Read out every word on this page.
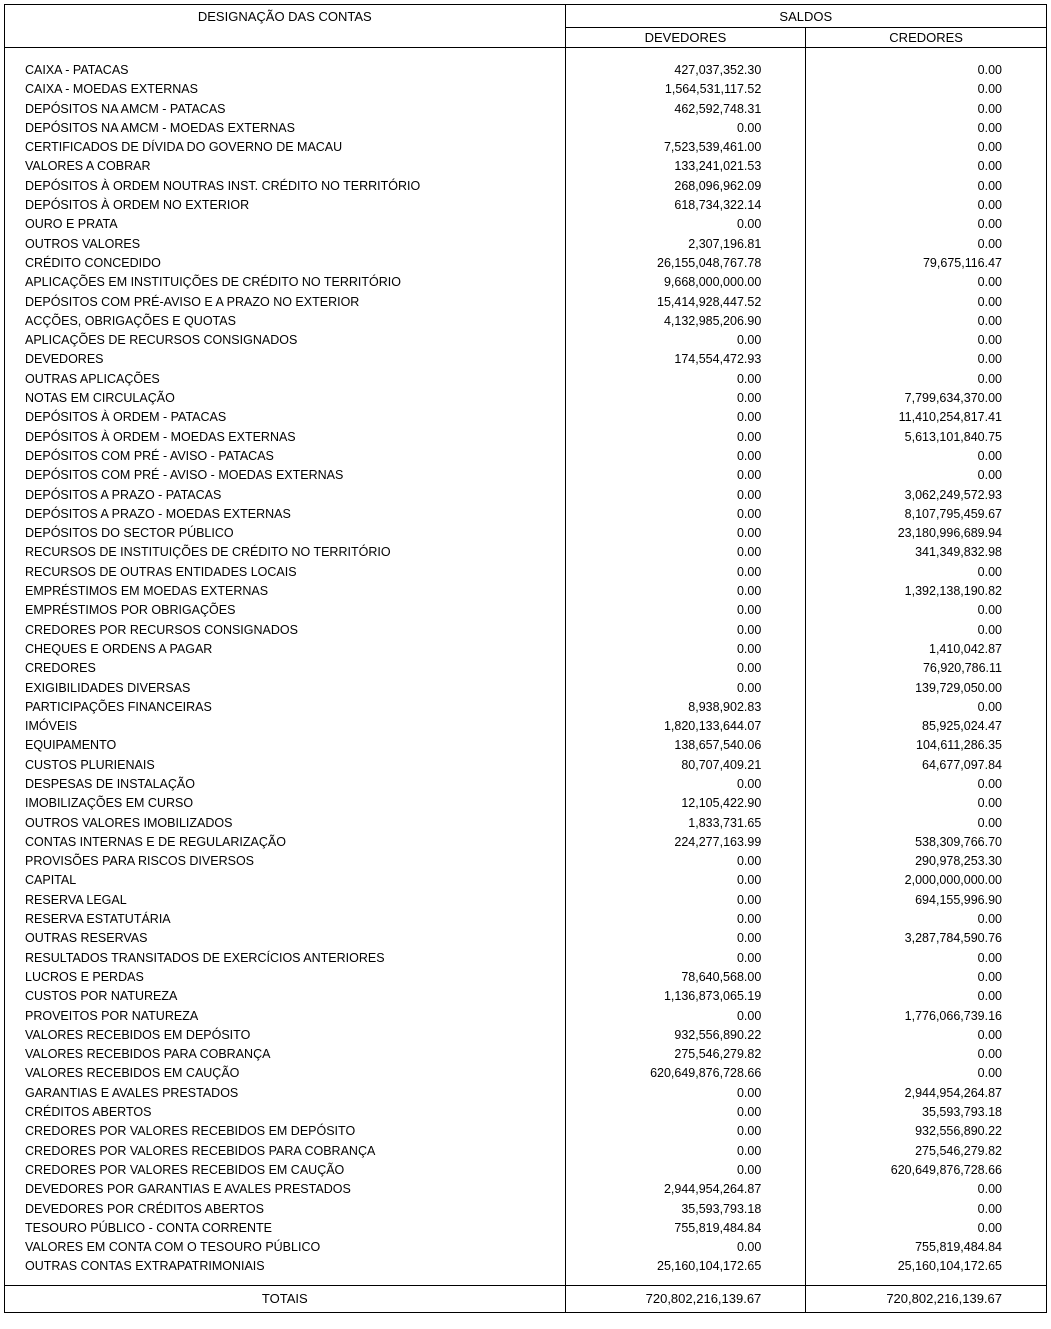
DESIGNAÇÃO DAS CONTAS	SALDOS	
	DEVEDORES	CREDORES
CAIXA - PATACAS	427,037,352.30	0.00
CAIXA - MOEDAS EXTERNAS	1,564,531,117.52	0.00
DEPÓSITOS NA AMCM - PATACAS	462,592,748.31	0.00
DEPÓSITOS NA AMCM - MOEDAS EXTERNAS	0.00	0.00
CERTIFICADOS DE DÍVIDA DO GOVERNO DE MACAU	7,523,539,461.00	0.00
VALORES A COBRAR	133,241,021.53	0.00
DEPÓSITOS À ORDEM NOUTRAS INST. CRÉDITO NO TERRITÓRIO	268,096,962.09	0.00
DEPÓSITOS À ORDEM NO EXTERIOR	618,734,322.14	0.00
OURO E PRATA	0.00	0.00
OUTROS VALORES	2,307,196.81	0.00
CRÉDITO CONCEDIDO	26,155,048,767.78	79,675,116.47
APLICAÇÕES EM INSTITUIÇÕES DE CRÉDITO NO TERRITÓRIO	9,668,000,000.00	0.00
DEPÓSITOS COM PRÉ-AVISO E A PRAZO NO EXTERIOR	15,414,928,447.52	0.00
ACÇÕES, OBRIGAÇÕES E QUOTAS	4,132,985,206.90	0.00
APLICAÇÕES DE RECURSOS CONSIGNADOS	0.00	0.00
DEVEDORES	174,554,472.93	0.00
OUTRAS APLICAÇÕES	0.00	0.00
NOTAS EM CIRCULAÇÃO	0.00	7,799,634,370.00
DEPÓSITOS À ORDEM - PATACAS	0.00	11,410,254,817.41
DEPÓSITOS À ORDEM - MOEDAS EXTERNAS	0.00	5,613,101,840.75
DEPÓSITOS COM PRÉ - AVISO - PATACAS	0.00	0.00
DEPÓSITOS COM PRÉ - AVISO - MOEDAS EXTERNAS	0.00	0.00
DEPÓSITOS A PRAZO - PATACAS	0.00	3,062,249,572.93
DEPÓSITOS A PRAZO - MOEDAS EXTERNAS	0.00	8,107,795,459.67
DEPÓSITOS DO SECTOR PÚBLICO	0.00	23,180,996,689.94
RECURSOS DE INSTITUIÇÕES DE CRÉDITO NO TERRITÓRIO	0.00	341,349,832.98
RECURSOS DE OUTRAS ENTIDADES LOCAIS	0.00	0.00
EMPRÉSTIMOS EM MOEDAS EXTERNAS	0.00	1,392,138,190.82
EMPRÉSTIMOS POR OBRIGAÇÕES	0.00	0.00
CREDORES POR RECURSOS CONSIGNADOS	0.00	0.00
CHEQUES E ORDENS A PAGAR	0.00	1,410,042.87
CREDORES	0.00	76,920,786.11
EXIGIBILIDADES DIVERSAS	0.00	139,729,050.00
PARTICIPAÇÕES FINANCEIRAS	8,938,902.83	0.00
IMÓVEIS	1,820,133,644.07	85,925,024.47
EQUIPAMENTO	138,657,540.06	104,611,286.35
CUSTOS PLURIENAIS	80,707,409.21	64,677,097.84
DESPESAS DE INSTALAÇÃO	0.00	0.00
IMOBILIZAÇÕES EM CURSO	12,105,422.90	0.00
OUTROS VALORES IMOBILIZADOS	1,833,731.65	0.00
CONTAS INTERNAS E DE REGULARIZAÇÃO	224,277,163.99	538,309,766.70
PROVISÕES PARA RISCOS DIVERSOS	0.00	290,978,253.30
CAPITAL	0.00	2,000,000,000.00
RESERVA LEGAL	0.00	694,155,996.90
RESERVA ESTATUTÁRIA	0.00	0.00
OUTRAS RESERVAS	0.00	3,287,784,590.76
RESULTADOS TRANSITADOS DE EXERCÍCIOS ANTERIORES	0.00	0.00
LUCROS E PERDAS	78,640,568.00	0.00
CUSTOS POR NATUREZA	1,136,873,065.19	0.00
PROVEITOS POR NATUREZA	0.00	1,776,066,739.16
VALORES RECEBIDOS EM DEPÓSITO	932,556,890.22	0.00
VALORES RECEBIDOS PARA COBRANÇA	275,546,279.82	0.00
VALORES RECEBIDOS EM CAUÇÃO	620,649,876,728.66	0.00
GARANTIAS E AVALES PRESTADOS	0.00	2,944,954,264.87
CRÉDITOS ABERTOS	0.00	35,593,793.18
CREDORES POR VALORES RECEBIDOS EM DEPÓSITO	0.00	932,556,890.22
CREDORES POR VALORES RECEBIDOS PARA COBRANÇA	0.00	275,546,279.82
CREDORES POR VALORES RECEBIDOS EM CAUÇÃO	0.00	620,649,876,728.66
DEVEDORES POR GARANTIAS E AVALES PRESTADOS	2,944,954,264.87	0.00
DEVEDORES POR CRÉDITOS ABERTOS	35,593,793.18	0.00
TESOURO PÚBLICO - CONTA CORRENTE	755,819,484.84	0.00
VALORES EM CONTA COM O TESOURO PÚBLICO	0.00	755,819,484.84
OUTRAS CONTAS EXTRAPATRIMONIAIS	25,160,104,172.65	25,160,104,172.65
TOTAIS	720,802,216,139.67	720,802,216,139.67
